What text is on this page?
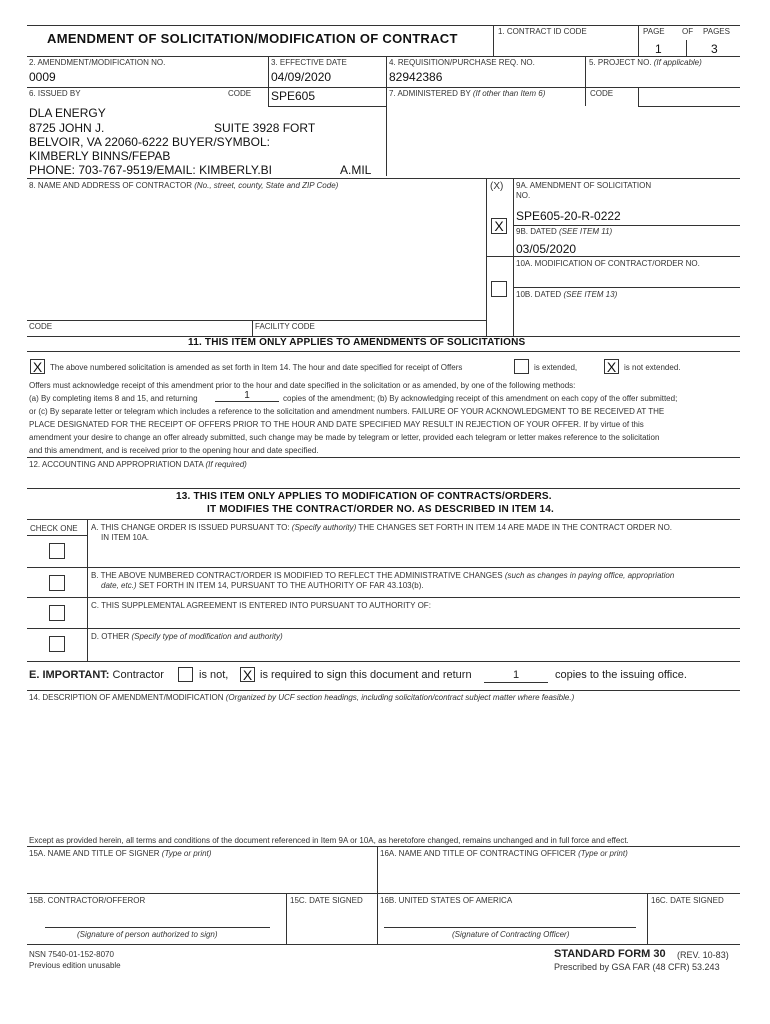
AMENDMENT OF SOLICITATION/MODIFICATION OF CONTRACT	1. CONTRACT ID CODE	PAGE OF PAGES
1	3
2. AMENDMENT/MODIFICATION NO.
0009
3. EFFECTIVE DATE
04/09/2020
4. REQUISITION/PURCHASE REQ. NO.
82942386
5. PROJECT NO. (If applicable)
6. ISSUED BY	CODE SPE605	7. ADMINISTERED BY (If other than Item 6)	CODE
DLA ENERGY
8725 JOHN J.	SUITE 3928 FORT
BELVOIR, VA 22060-6222 BUYER/SYMBOL:
KIMBERLY BINNS/FEPAB
PHONE: 703-767-9519/EMAIL: KIMBERLY.BI	A.MIL
8. NAME AND ADDRESS OF CONTRACTOR (No., street, county, State and ZIP Code)	(X) 9A. AMENDMENT OF SOLICITATION
NO.
X
SPE605-20-R-0222
9B. DATED (SEE ITEM 11)
03/05/2020
10A. MODIFICATION OF CONTRACT/ORDER NO.
10B. DATED (SEE ITEM 13)
CODE	FACILITY CODE
11. THIS ITEM ONLY APPLIES TO AMENDMENTS OF SOLICITATIONS
X The above numbered solicitation is amended as set forth in Item 14. The hour and date specified for receipt of Offers	is extended, X is not extended.
Offers must acknowledge receipt of this amendment prior to the hour and date specified in the solicitation or as amended, by one of the following methods:
(a) By completing items 8 and 15, and returning	1	copies of the amendment; (b) By acknowledging receipt of this amendment on each copy of the offer submitted;
or (c) By separate letter or telegram which includes a reference to the solicitation and amendment numbers. FAILURE OF YOUR ACKNOWLEDGMENT TO BE RECEIVED AT THE
PLACE DESIGNATED FOR THE RECEIPT OF OFFERS PRIOR TO THE HOUR AND DATE SPECIFIED MAY RESULT IN REJECTION OF YOUR OFFER. If by virtue of this
amendment your desire to change an offer already submitted, such change may be made by telegram or letter, provided each telegram or letter makes reference to the solicitation
and this amendment, and is received prior to the opening hour and date specified.
12. ACCOUNTING AND APPROPRIATION DATA (If required)
13. THIS ITEM ONLY APPLIES TO MODIFICATION OF CONTRACTS/ORDERS.
IT MODIFIES THE CONTRACT/ORDER NO. AS DESCRIBED IN ITEM 14.
CHECK ONE A. THIS CHANGE ORDER IS ISSUED PURSUANT TO: (Specify authority) THE CHANGES SET FORTH IN ITEM 14 ARE MADE IN THE CONTRACT ORDER NO.
IN ITEM 10A.
B. THE ABOVE NUMBERED CONTRACT/ORDER IS MODIFIED TO REFLECT THE ADMINISTRATIVE CHANGES (such as changes in paying office, appropriation
date, etc.) SET FORTH IN ITEM 14, PURSUANT TO THE AUTHORITY OF FAR 43.103(b).
C. THIS SUPPLEMENTAL AGREEMENT IS ENTERED INTO PURSUANT TO AUTHORITY OF:
D. OTHER (Specify type of modification and authority)
E. IMPORTANT: Contractor	is not, X is required to sign this document and return	1	copies to the issuing office.
14. DESCRIPTION OF AMENDMENT/MODIFICATION (Organized by UCF section headings, including solicitation/contract subject matter where feasible.)
Except as provided herein, all terms and conditions of the document referenced in Item 9A or 10A, as heretofore changed, remains unchanged and in full force and effect.
15A. NAME AND TITLE OF SIGNER (Type or print)	16A. NAME AND TITLE OF CONTRACTING OFFICER (Type or print)
15B. CONTRACTOR/OFFEROR	15C. DATE SIGNED 16B. UNITED STATES OF AMERICA	16C. DATE SIGNED
(Signature of person authorized to sign)	(Signature of Contracting Officer)
NSN 7540-01-152-8070
Previous edition unusable
STANDARD FORM 30 (REV. 10-83)
Prescribed by GSA FAR (48 CFR) 53.243
